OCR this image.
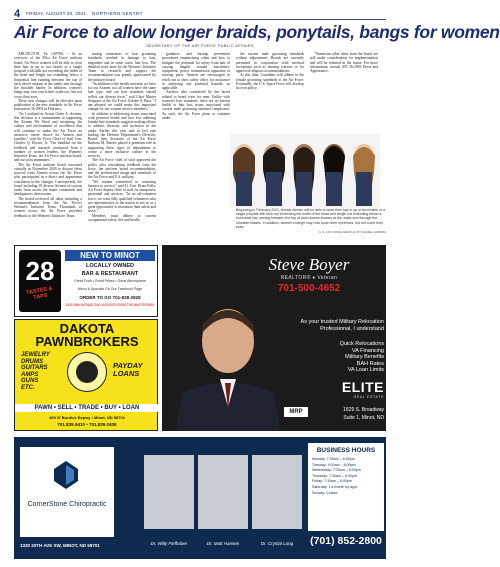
4 FRIDAY, AUGUST 20, 2021 NORTHERN SENTRY
Air Force to allow longer braids, ponytails, bangs for women
SECRETARY OF THE AIR FORCE PUBLIC AFFAIRS

ARLINGTON, Va. (AFNS) -- In an overview of the 85ist Air Force uniform board, Air Force women will be able to wear their hair in up to two braids or a single ponytail with bulk not exceeding the width of the head and length not extending below a horizontal line running between the top of each sleeve inseam at the under arm through the shoulder blades. In addition, women's bangs may now touch their eyebrows, but not cover their eyes.

These new changes will be effective upon publication of the new standards in Air Force Instruction 36-2903 in February.

"As I outlined in Action Order A: Airmen, this decision is a commitment to supporting the Airmen We Need and sustaining the culture and environment of excellence that will continue to make the Air Force an attractive career choice for Airmen and families," said Air Force Chief of Staff Gen. Charles Q. Brown, Jr. "I'm thankful for the feedback and research conducted from a number of women leaders, the Women's Initiative Team, the Air Force uniform board, and our joint teammates."

The Air Force uniform board convened virtually in November 2020 to discuss ideas sourced from Airmen across the Air Force who participated in a direct and appearance conclusion to the changes. Consequently, the board including 18 diverse Airmen of various ranks from across the major commands and headquarters directorates.

The board reviewed all ideas including a recommendation from the Air Force's Women's Initiative Team. Thousands of women across the Air Force provided feedback to the Women's Initiative Team,

stating constraints to hair grooming standards resulted in damage to hair, migraines and in some cases, hair loss. The detailed work done by the Women's Initiative Team to research and support the recommendation was greatly appreciated by the uniform board.

"In addition to the health concerns we have for our Airmen, not all women have the same hair type, and our hair standards should reflect our diverse force," said Chief Master Sergeant of the Air Force JoAnne S. Bass. "I am pleased we could make this important change for our women service members."

In addition to addressing issues associated with personal health and hair loss adhering female hair standards suggests making efforts to address diversity and inclusion in the ranks. Earlier this year and in feel rule leading the Defense Department's Diversity Board, their Secretary of the Air Force Barbara M. Barrett placed a premium role in supporting these types of adjustments to create a more inclusive culture in the services.

The Air Force chief of staff approved the policy after considering feedback from the force, the uniform board recommendation, and the professional image and standards of the Air Force and U.S. military.

"We remain committed to removing barriers to service," said Lt. Gen. Brian Kelly, Air Force deputy chief of staff for manpower, personnel and services. "In an all-volunteer force, we want fully qualified volunteers who are representative of the nation to see us as a great opportunity to maximize their talent and serve."

Members must adhere to current occupational safety, fire and health

guidance, and mishap prevention procedures emphasizing when and how to mitigate the potential for injury from hair of varying lengths around machinery, equipment, power transmission apparatus or moving parts. Airmen are encouraged to reach out to their safety office for assistance in analyzing any potential hazards, as applicable.

Another idea considered by the board related to beard wear for men. Unlike with women's hair standards, there are no known health or hair loss issues associated with current male grooming standard compliance. As such, the Air Force plans to continue under

the current male grooming standards without adjustments. Beards are currently permitted in conjunction with medical exceptions such as shaving waivers or for approved religious accommodations.

At this time, Guardians will adhere to the female grooming standards of the Air Force. Eventually, the U.S. Space Force will develop its own policy.

"Numerous other ideas from the board are still under consideration for implementation and will be released in the future. For more information, consult AFI 36-2903 Dress and Appearance.

Beginning in February 2021, female Airmen will be able to wear their hair in up to two braids or a single ponytail with bulk not exceeding the width of the head and length not extending below a horizontal line running between the top of each sleeve inseam at the under arm through the shoulder blades. In addition, women's bangs may now touch their eyebrows, but not cover their eyes.
U.S. AIR FORCE GRAPHIC BY DANIEL HAMMIG
28
TASTES & TAPS
NEW TO MINOT
LOCALLY OWNED
BAR & RESTAURANT
Great Food • Great Prices • Great Atmosphere
Menu & Specials On Our Facebook Page
ORDER TO GO 701-838-2828
1815 18th AVENUE SW • ACROSS FROM THE WATER PARK
DAKOTA PAWNBROKERS
JEWELRY
DRUMS
GUITARS
AMPS
GUNS
ETC.
PAYDAY LOANS
PAWN • SELL • TRADE • BUY • LOAN
409 W Burdick Expwy • Minot, ND 58701
701.839.9410 • 701.839.0409
Steve Boyer
REALTOR® ♦ Veteran
701-500-4652
As your trusted Military Relocation Professional, I understand
Quick Relocations
VA Financing
Military Benefits
BAH Rates
VA Loan Limits
MRP
ELITE
REAL ESTATE
1829 S. Broadway
Suite 1, Minot, ND
CornerStone Chiropractic
1330 20TH AVE SW, MINOT, ND 58701	Dr. Willy Fiefhaber	Dr. Matt Hansen	Dr. Crystal Long
BUSINESS HOURS
Monday: 7:30am – 6:00pm
Tuesday: 9:00am – 6:00pm
Wednesday: 7:30am – 6:00pm
Thursday: 7:30am – 6:00pm
Friday: 7:30am – 6:00pm
Saturday: 1 a month by appt
Sunday: Closed
(701) 852-2800
